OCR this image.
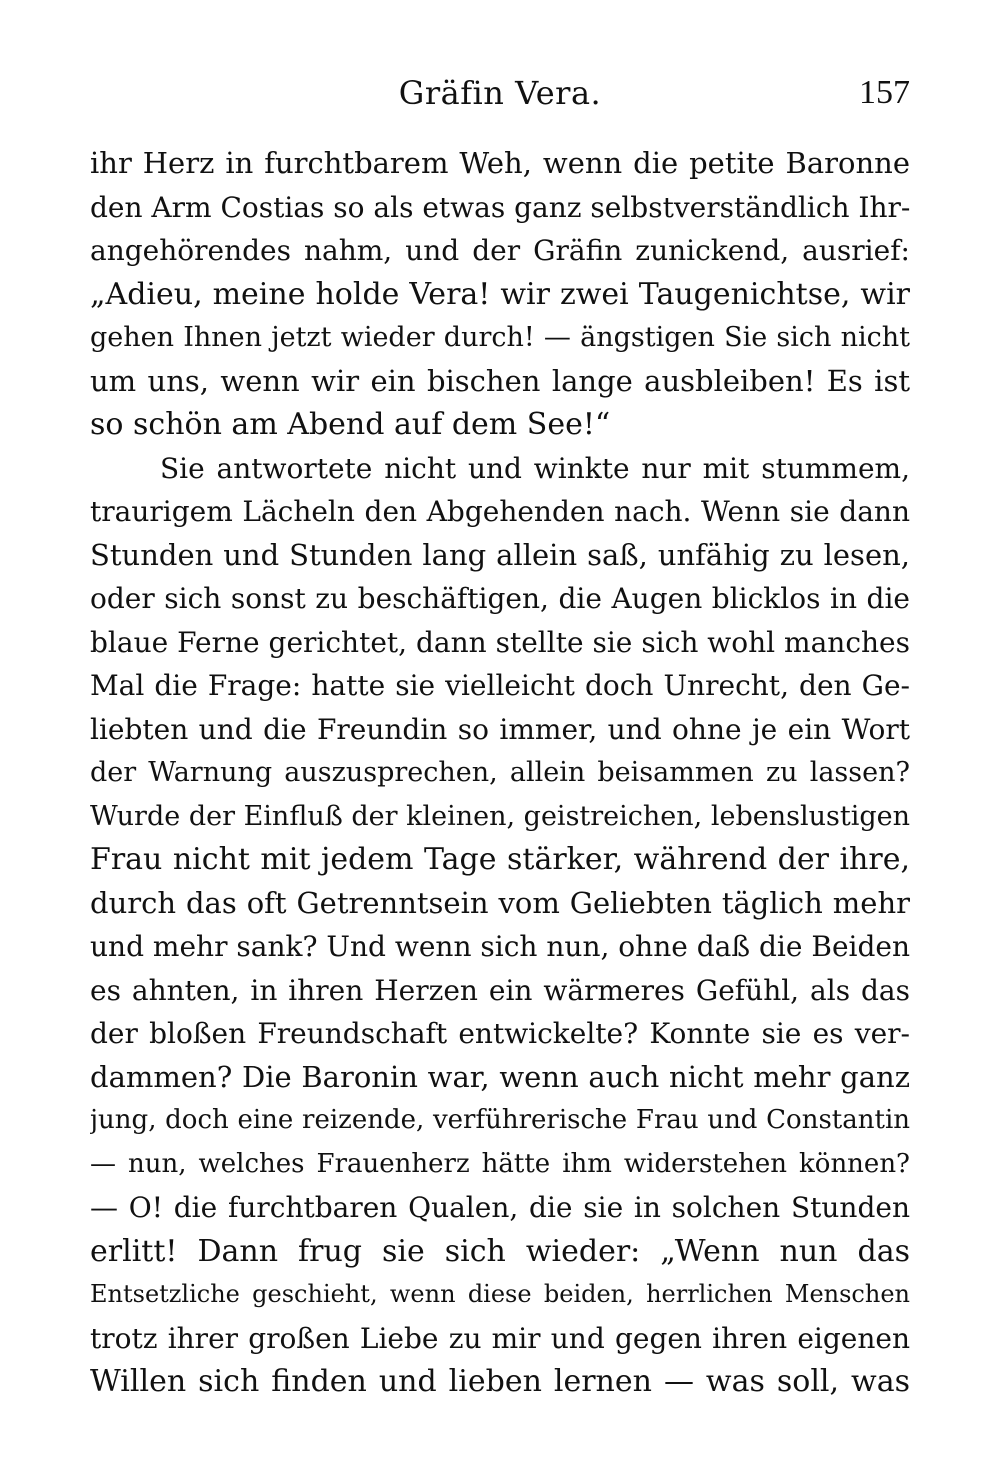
Gräfin Vera.	157
ihr Herz in furchtbarem Weh, wenn die petite Baronne
den Arm Costias so als etwas ganz selbstverständlich Ihr-
angehörendes nahm, und der Gräfin zunickend, ausrief:
„Adieu, meine holde Vera! wir zwei Taugenichtse, wir
gehen Ihnen jetzt wieder durch! — ängstigen Sie sich nicht
um uns, wenn wir ein bischen lange ausbleiben! Es ist
so schön am Abend auf dem See!“
Sie antwortete nicht und winkte nur mit stummem,
traurigem Lächeln den Abgehenden nach. Wenn sie dann
Stunden und Stunden lang allein saß, unfähig zu lesen,
oder sich sonst zu beschäftigen, die Augen blicklos in die
blaue Ferne gerichtet, dann stellte sie sich wohl manches
Mal die Frage: hatte sie vielleicht doch Unrecht, den Ge-
liebten und die Freundin so immer, und ohne je ein Wort
der Warnung auszusprechen, allein beisammen zu lassen?
Wurde der Einfluß der kleinen, geistreichen, lebenslustigen
Frau nicht mit jedem Tage stärker, während der ihre,
durch das oft Getrenntsein vom Geliebten täglich mehr
und mehr sank? Und wenn sich nun, ohne daß die Beiden
es ahnten, in ihren Herzen ein wärmeres Gefühl, als das
der bloßen Freundschaft entwickelte? Konnte sie es ver-
dammen? Die Baronin war, wenn auch nicht mehr ganz
jung, doch eine reizende, verführerische Frau und Constantin
— nun, welches Frauenherz hätte ihm widerstehen können?
— O! die furchtbaren Qualen, die sie in solchen Stunden
erlitt! Dann frug sie sich wieder: „Wenn nun das
Entsetzliche geschieht, wenn diese beiden, herrlichen Menschen
trotz ihrer großen Liebe zu mir und gegen ihren eigenen
Willen sich finden und lieben lernen — was soll, was
